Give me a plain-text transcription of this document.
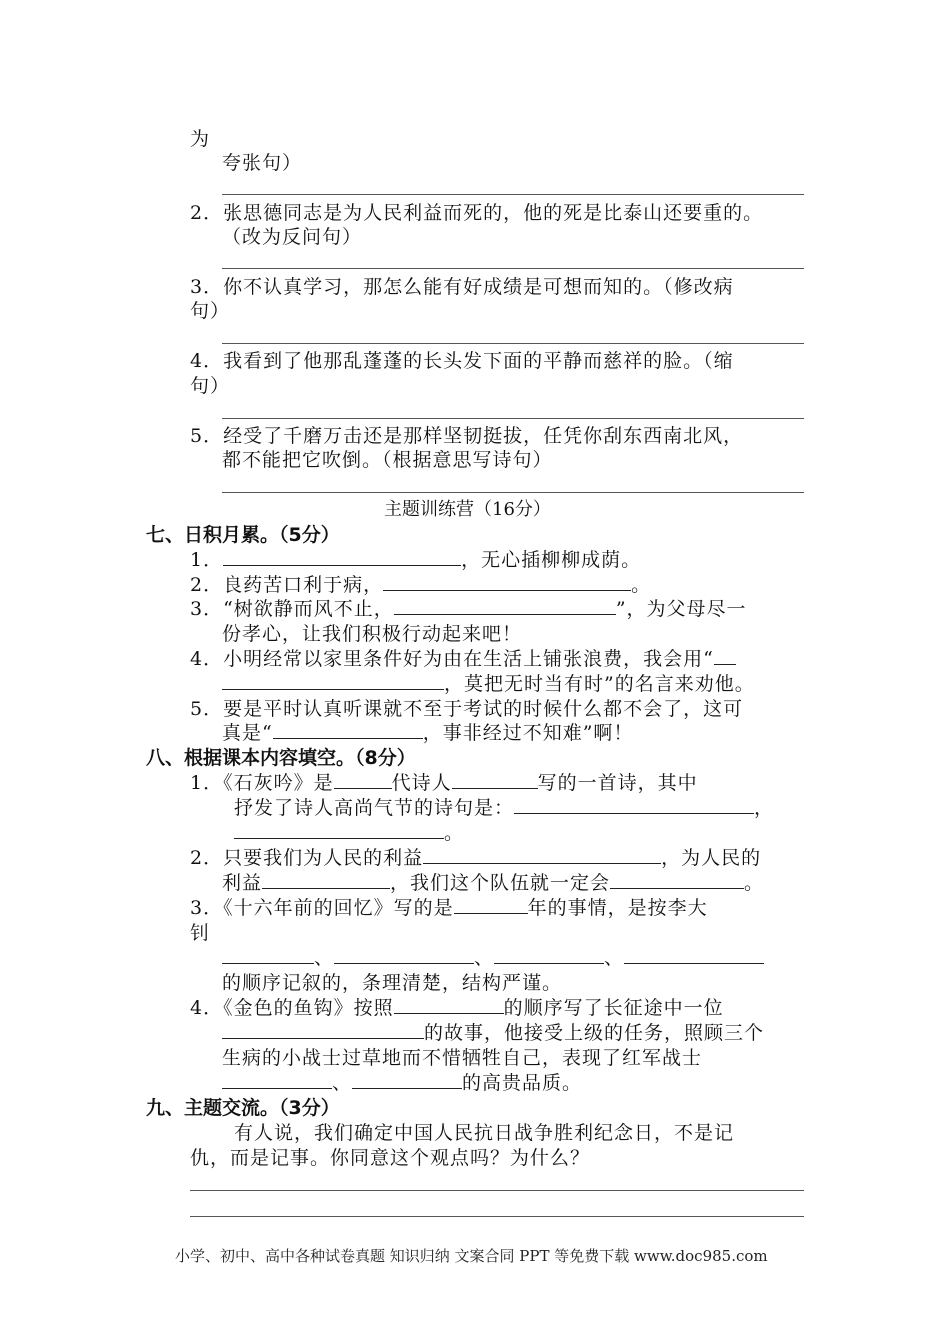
为
夸张句）
2．张思德同志是为人民利益而死的，他的死是比泰山还要重的。
（改为反问句）
3．你不认真学习，那怎么能有好成绩是可想而知的。（修改病
句）
4．我看到了他那乱蓬蓬的长头发下面的平静而慈祥的脸。（缩
句）
5．经受了千磨万击还是那样坚韧挺拔，任凭你刮东西南北风，
都不能把它吹倒。（根据意思写诗句）
主题训练营（16分）
七、日积月累。（5分）
1．	，无心插柳柳成荫。
2．良药苦口利于病，	。
3．“树欲静而风不止，	”，为父母尽一
份孝心，让我们积极行动起来吧！
4．小明经常以家里条件好为由在生活上铺张浪费，我会用“
，莫把无时当有时”的名言来劝他。
5．要是平时认真听课就不至于考试的时候什么都不会了，这可
真是“	，事非经过不知难”啊！
八、根据课本内容填空。（8分）
1．《石灰吟》是	代诗人	写的一首诗，其中
抒发了诗人高尚气节的诗句是：	，
。
2．只要我们为人民的利益	，为人民的
利益	，我们这个队伍就一定会	。
3．《十六年前的回忆》写的是	年的事情，是按李大
钊
、	、	、
的顺序记叙的，条理清楚，结构严谨。
4．《金色的鱼钩》按照	的顺序写了长征途中一位
的故事，他接受上级的任务，照顾三个
生病的小战士过草地而不惜牺牲自己，表现了红军战士
、	的高贵品质。
九、主题交流。（3分）
有人说，我们确定中国人民抗日战争胜利纪念日，不是记
仇，而是记事。你同意这个观点吗？为什么？
小学、初中、高中各种试卷真题 知识归纳 文案合同 PPT 等免费下载 www.doc985.com
